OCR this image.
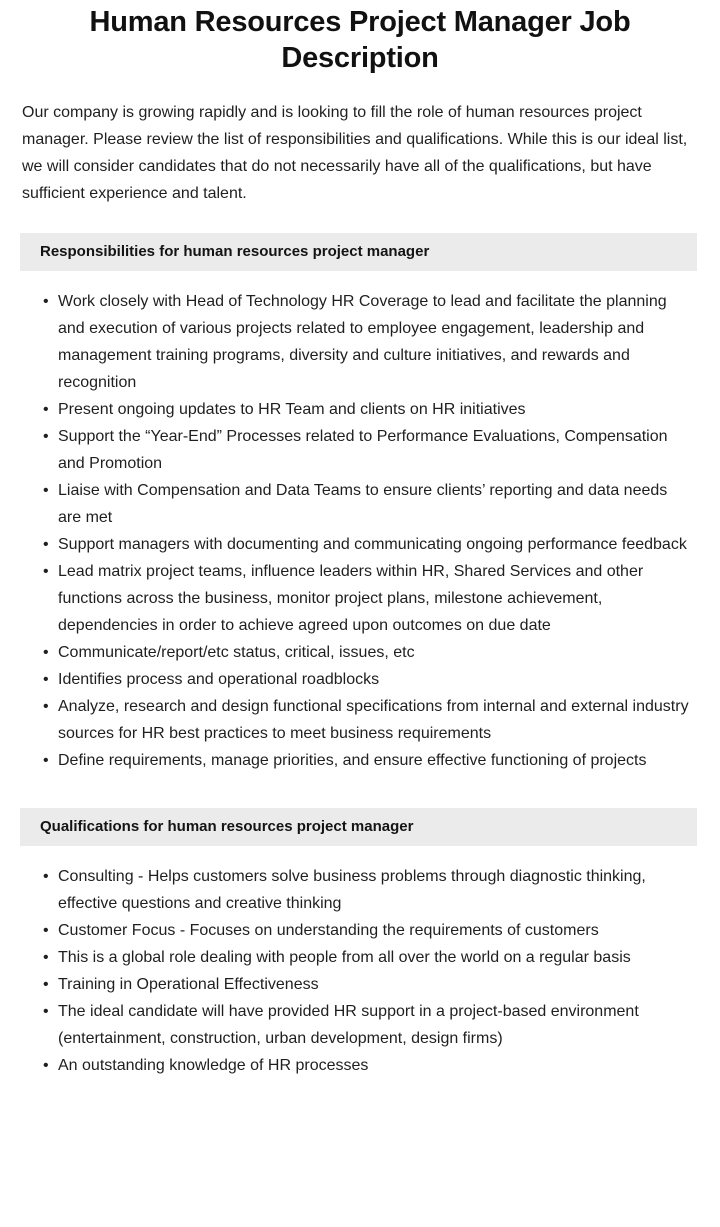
Human Resources Project Manager Job Description

Our company is growing rapidly and is looking to fill the role of human resources project manager. Please review the list of responsibilities and qualifications. While this is our ideal list, we will consider candidates that do not necessarily have all of the qualifications, but have sufficient experience and talent.

Responsibilities for human resources project manager
• Work closely with Head of Technology HR Coverage to lead and facilitate the planning and execution of various projects related to employee engagement, leadership and management training programs, diversity and culture initiatives, and rewards and recognition
• Present ongoing updates to HR Team and clients on HR initiatives
• Support the “Year-End” Processes related to Performance Evaluations, Compensation and Promotion
• Liaise with Compensation and Data Teams to ensure clients’ reporting and data needs are met
• Support managers with documenting and communicating ongoing performance feedback
• Lead matrix project teams, influence leaders within HR, Shared Services and other functions across the business, monitor project plans, milestone achievement, dependencies in order to achieve agreed upon outcomes on due date
• Communicate/report/etc status, critical, issues, etc
• Identifies process and operational roadblocks
• Analyze, research and design functional specifications from internal and external industry sources for HR best practices to meet business requirements
• Define requirements, manage priorities, and ensure effective functioning of projects
Qualifications for human resources project manager
• Consulting - Helps customers solve business problems through diagnostic thinking, effective questions and creative thinking
• Customer Focus - Focuses on understanding the requirements of customers
• This is a global role dealing with people from all over the world on a regular basis
• Training in Operational Effectiveness
• The ideal candidate will have provided HR support in a project-based environment (entertainment, construction, urban development, design firms)
• An outstanding knowledge of HR processes
